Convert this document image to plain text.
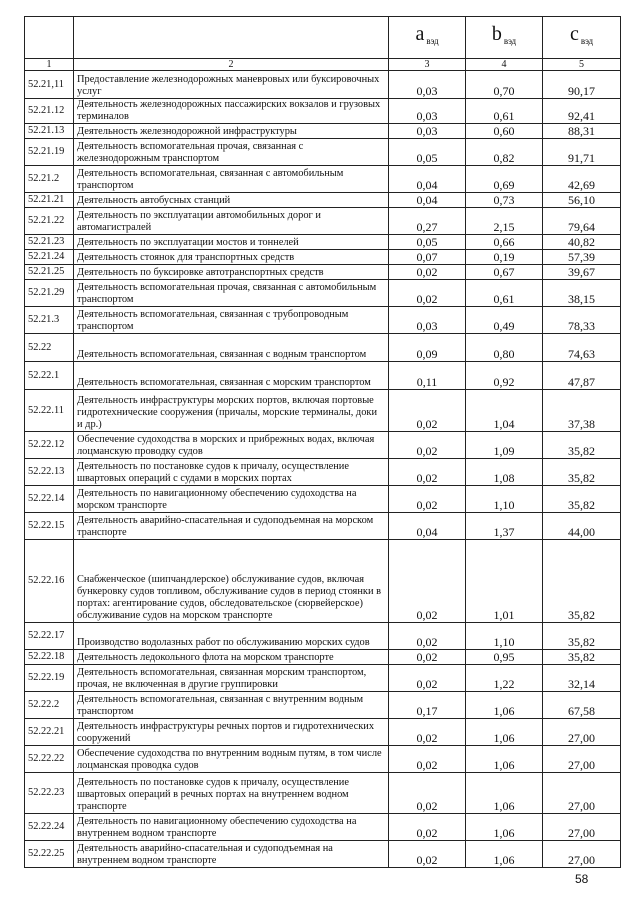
		a вэд	b вэд	c вэд
1	2	3	4	5
52.21,11	Предоставление железнодорожных маневровых или буксировочных услуг	0,03	0,70	90,17
52.21.12	Деятельность железнодорожных пассажирских вокзалов и грузовых терминалов	0,03	0,61	92,41
52.21.13	Деятельность железнодорожной инфраструктуры	0,03	0,60	88,31
52.21.19	Деятельность вспомогательная прочая, связанная с железнодорожным транспортом	0,05	0,82	91,71
52.21.2	Деятельность вспомогательная, связанная с автомобильным транспортом	0,04	0,69	42,69
52.21.21	Деятельность автобусных станций	0,04	0,73	56,10
52.21.22	Деятельность по эксплуатации автомобильных дорог и автомагистралей	0,27	2,15	79,64
52.21.23	Деятельность по эксплуатации мостов и тоннелей	0,05	0,66	40,82
52.21.24	Деятельность стоянок для транспортных средств	0,07	0,19	57,39
52.21.25	Деятельность по буксировке автотранспортных средств	0,02	0,67	39,67
52.21.29	Деятельность вспомогательная прочая, связанная с автомобильным транспортом	0,02	0,61	38,15
52.21.3	Деятельность вспомогательная, связанная с трубопроводным транспортом	0,03	0,49	78,33
52.22	Деятельность вспомогательная, связанная с водным транспортом	0,09	0,80	74,63
52.22.1	Деятельность вспомогательная, связанная с морским транспортом	0,11	0,92	47,87
52.22.11	Деятельность инфраструктуры морских портов, включая портовые гидротехнические сооружения (причалы, морские терминалы, доки и др.)	0,02	1,04	37,38
52.22.12	Обеспечение судоходства в морских и прибрежных водах, включая лоцманскую проводку судов	0,02	1,09	35,82
52.22.13	Деятельность по постановке судов к причалу, осуществление швартовых операций с судами в морских портах	0,02	1,08	35,82
52.22.14	Деятельность по навигационному обеспечению судоходства на морском транспорте	0,02	1,10	35,82
52.22.15	Деятельность аварийно-спасательная и судоподъемная на морском транспорте	0,04	1,37	44,00
52.22.16	Снабженческое (шипчандлерское) обслуживание судов, включая бункеровку судов топливом, обслуживание судов в период стоянки в портах: агентирование судов, обследовательское (сюрвейерское) обслуживание судов на морском транспорте	0,02	1,01	35,82
52.22.17	Производство водолазных работ по обслуживанию морских судов	0,02	1,10	35,82
52.22.18	Деятельность ледокольного флота на морском транспорте	0,02	0,95	35,82
52.22.19	Деятельность вспомогательная, связанная морским транспортом, прочая, не включенная в другие группировки	0,02	1,22	32,14
52.22.2	Деятельность вспомогательная, связанная с внутренним водным транспортом	0,17	1,06	67,58
52.22.21	Деятельность инфраструктуры речных портов и гидротехнических сооружений	0,02	1,06	27,00
52.22.22	Обеспечение судоходства по внутренним водным путям, в том числе лоцманская проводка судов	0,02	1,06	27,00
52.22.23	Деятельность по постановке судов к причалу, осуществление швартовых операций в речных портах на внутреннем водном транспорте	0,02	1,06	27,00
52.22.24	Деятельность по навигационному обеспечению судоходства на внутреннем водном транспорте	0,02	1,06	27,00
52.22.25	Деятельность аварийно-спасательная и судоподъемная на внутреннем водном транспорте	0,02	1,06	27,00
58
